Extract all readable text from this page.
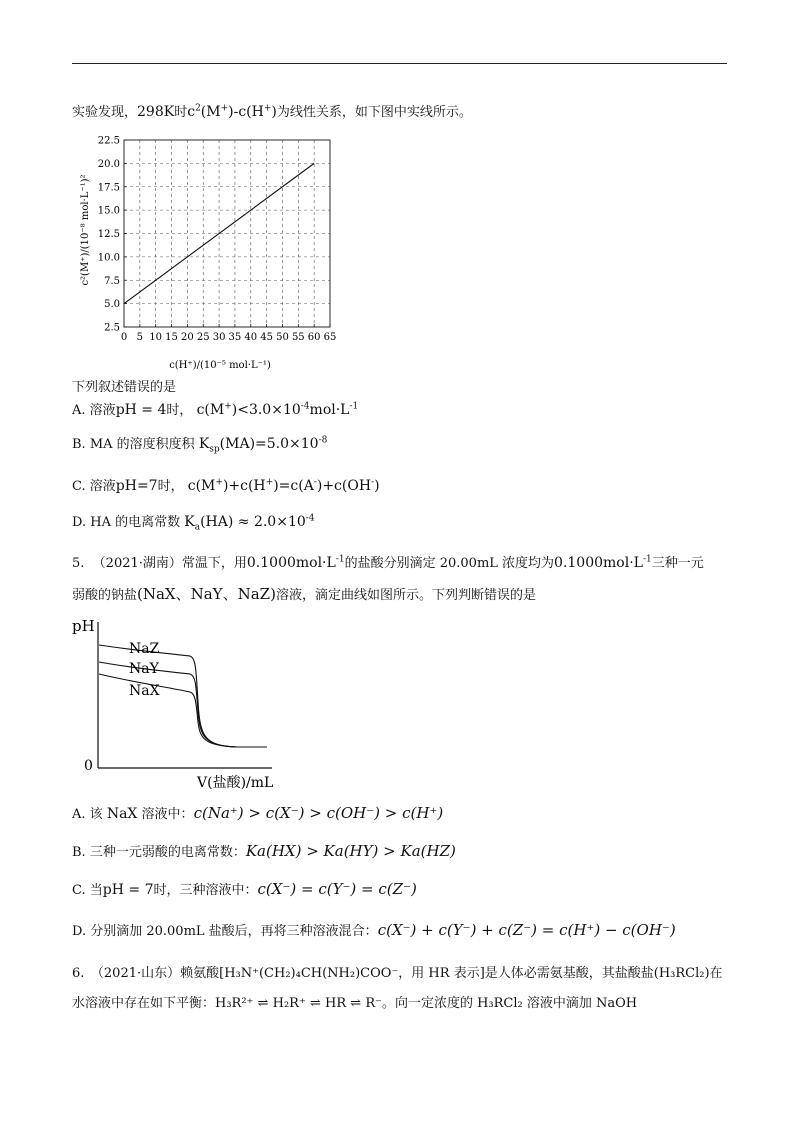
实验发现，298K时$c^2(M^+)-c(H^+)$为线性关系，如下图中实线所示。
0 5 10 15 20 25 30 35 40 45 50 55 60 65
2.5
5.0
7.5
10.0
12.5
15.0
17.5
20.0
22.5
c(H⁺)/(10⁻⁵ mol·L⁻¹)
c²(M⁺)/(10⁻⁸ mol·L⁻¹)²
下列叙述错误的是
A. 溶液pH = 4时， $c(M^+)<3.0\times 10^{-4}mol\cdot L^{-1}$
B. MA 的溶度积度积 $K_{sp}(MA)=5.0\times 10^{-8}$
C. 溶液pH=7时， c(M+)+c(H+)=c(A-)+c(OH-)
D. HA 的电离常数 $K_a(HA) \approx 2.0\times 10^{-4}$
5. （2021·湖南）常温下，用$0.1000mol\cdot L^{-1}$的盐酸分别滴定 20.00mL 浓度均为$0.1000mol\cdot L^{-1}$三种一元
弱酸的钠盐(NaX、NaY、NaZ)溶液，滴定曲线如图所示。下列判断错误的是
pH
0
NaZ
NaY
NaX
V(盐酸)/mL
A. 该 NaX 溶液中：c(Na⁺) > c(X⁻) > c(OH⁻) > c(H⁺)
B. 三种一元弱酸的电离常数：Ka(HX) > Ka(HY) > Ka(HZ)
C. 当pH = 7时，三种溶液中：c(X⁻) = c(Y⁻) = c(Z⁻)
D. 分别滴加 20.00mL 盐酸后，再将三种溶液混合：c(X⁻) + c(Y⁻) + c(Z⁻) = c(H⁺) − c(OH⁻)
6.　（2021·山东）赖氨酸[H₃N⁺(CH₂)₄CH(NH₂)COO⁻，用 HR 表示]是人体必需氨基酸，其盐酸盐(H₃RCl₂)在
水溶液中存在如下平衡：H₃R²⁺ ⇌ H₂R⁺ ⇌ HR ⇌ R⁻。向一定浓度的 H₃RCl₂ 溶液中滴加 NaOH
